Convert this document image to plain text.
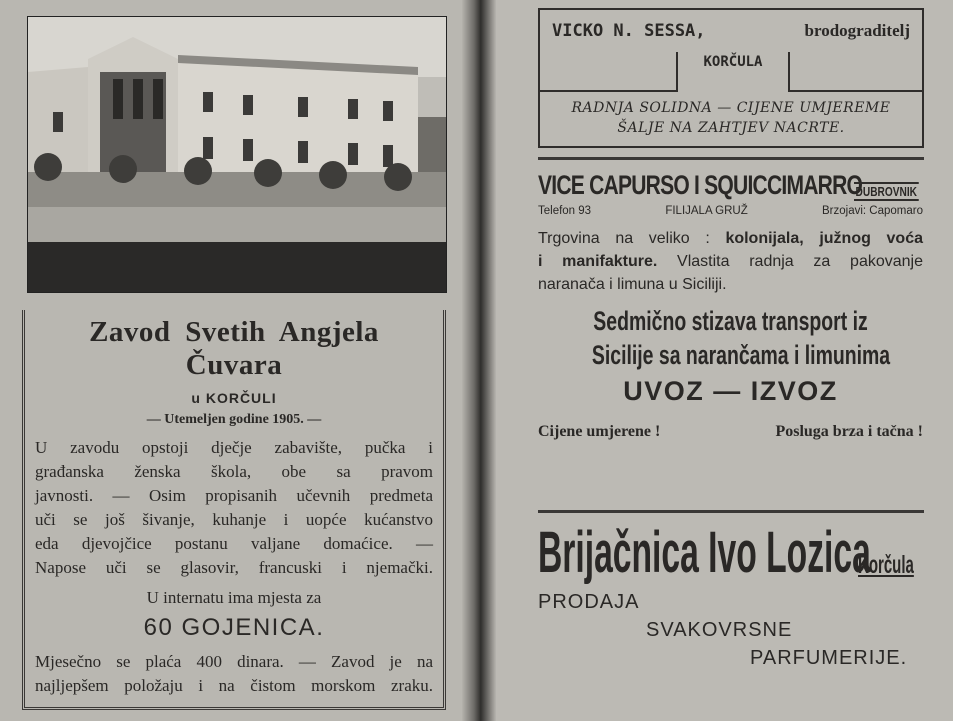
Zavod Svetih Angjela Čuvara
u KORČULI
— Utemeljen godine 1905. —
U zavodu opstoji dječje zabavište, pučka i
građanska ženska škola, obe sa pravom
javnosti. — Osim propisanih učevnih predmeta
uči se još šivanje, kuhanje i uopće kućanstvo
eda djevojčice postanu valjane domaćice. —
Napose uči se glasovir, francuski i njemački.
U internatu ima mjesta za
60 GOJENICA.
Mjesečno se plaća 400 dinara. — Zavod je na
najljepšem položaju i na čistom morskom zraku.
VICKO N. SESSA,	brodograditelj
KORČULA
RADNJA SOLIDNA — CIJENE UMJEREME
ŠALJE NA ZAHTJEV NACRTE.
VICE CAPURSO I SQUICCIMARRO
DUBROVNIK
Telefon 93	FILIJALA GRUŽ	Brzojavi: Capomaro
Trgovina na veliko : kolonijala, južnog voća
i manifakture. Vlastita radnja za pakovanje
naranača i limuna u Siciliji.
Sedmično stizava transport iz
Sicilije sa narančama i limunima
UVOZ — IZVOZ
Cijene umjerene !	Posluga brza i tačna !
Brijačnica Ivo Lozica
Korčula
PRODAJA
SVAKOVRSNE
PARFUMERIJE.
